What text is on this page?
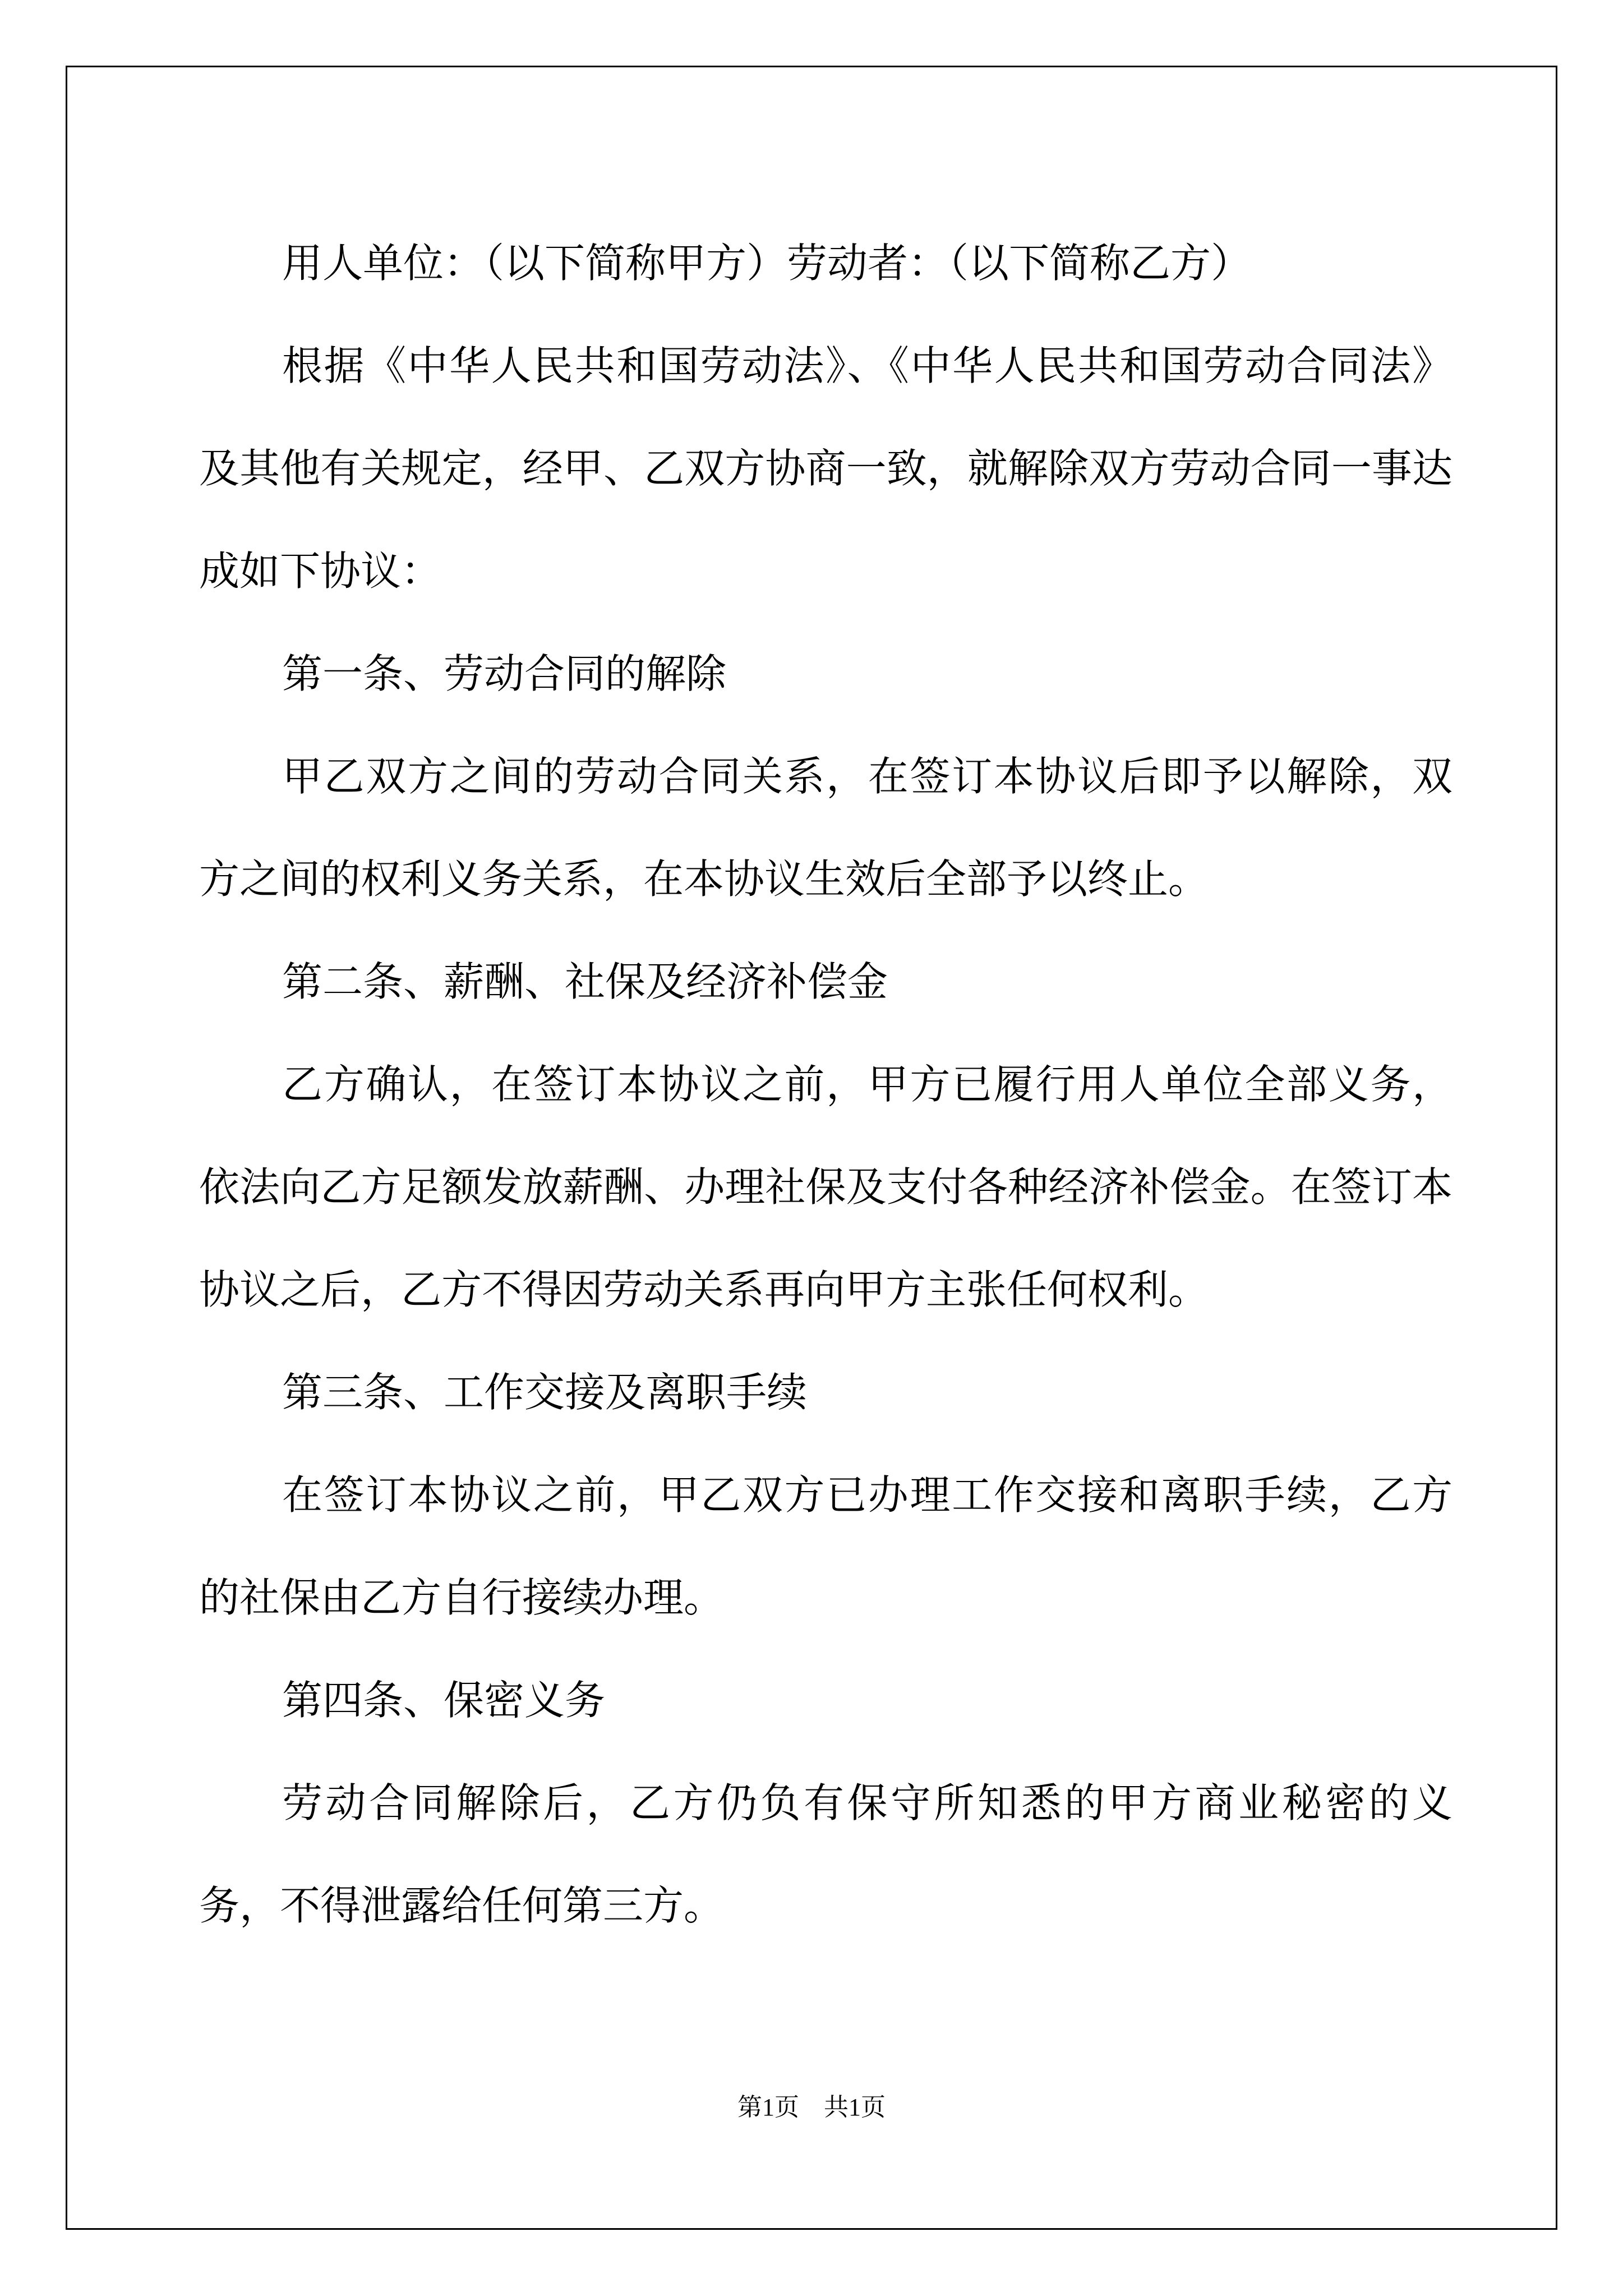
用人单位：（以下简称甲方）劳动者：（以下简称乙方）

根据《中华人民共和国劳动法》、《中华人民共和国劳动合同法》及其他有关规定，经甲、乙双方协商一致，就解除双方劳动合同一事达成如下协议：

第一条、劳动合同的解除

甲乙双方之间的劳动合同关系，在签订本协议后即予以解除，双方之间的权利义务关系，在本协议生效后全部予以终止。

第二条、薪酬、社保及经济补偿金

乙方确认，在签订本协议之前，甲方已履行用人单位全部义务，依法向乙方足额发放薪酬、办理社保及支付各种经济补偿金。在签订本协议之后，乙方不得因劳动关系再向甲方主张任何权利。

第三条、工作交接及离职手续

在签订本协议之前，甲乙双方已办理工作交接和离职手续，乙方的社保由乙方自行接续办理。

第四条、保密义务

劳动合同解除后，乙方仍负有保守所知悉的甲方商业秘密的义务，不得泄露给任何第三方。

第1页　共1页
